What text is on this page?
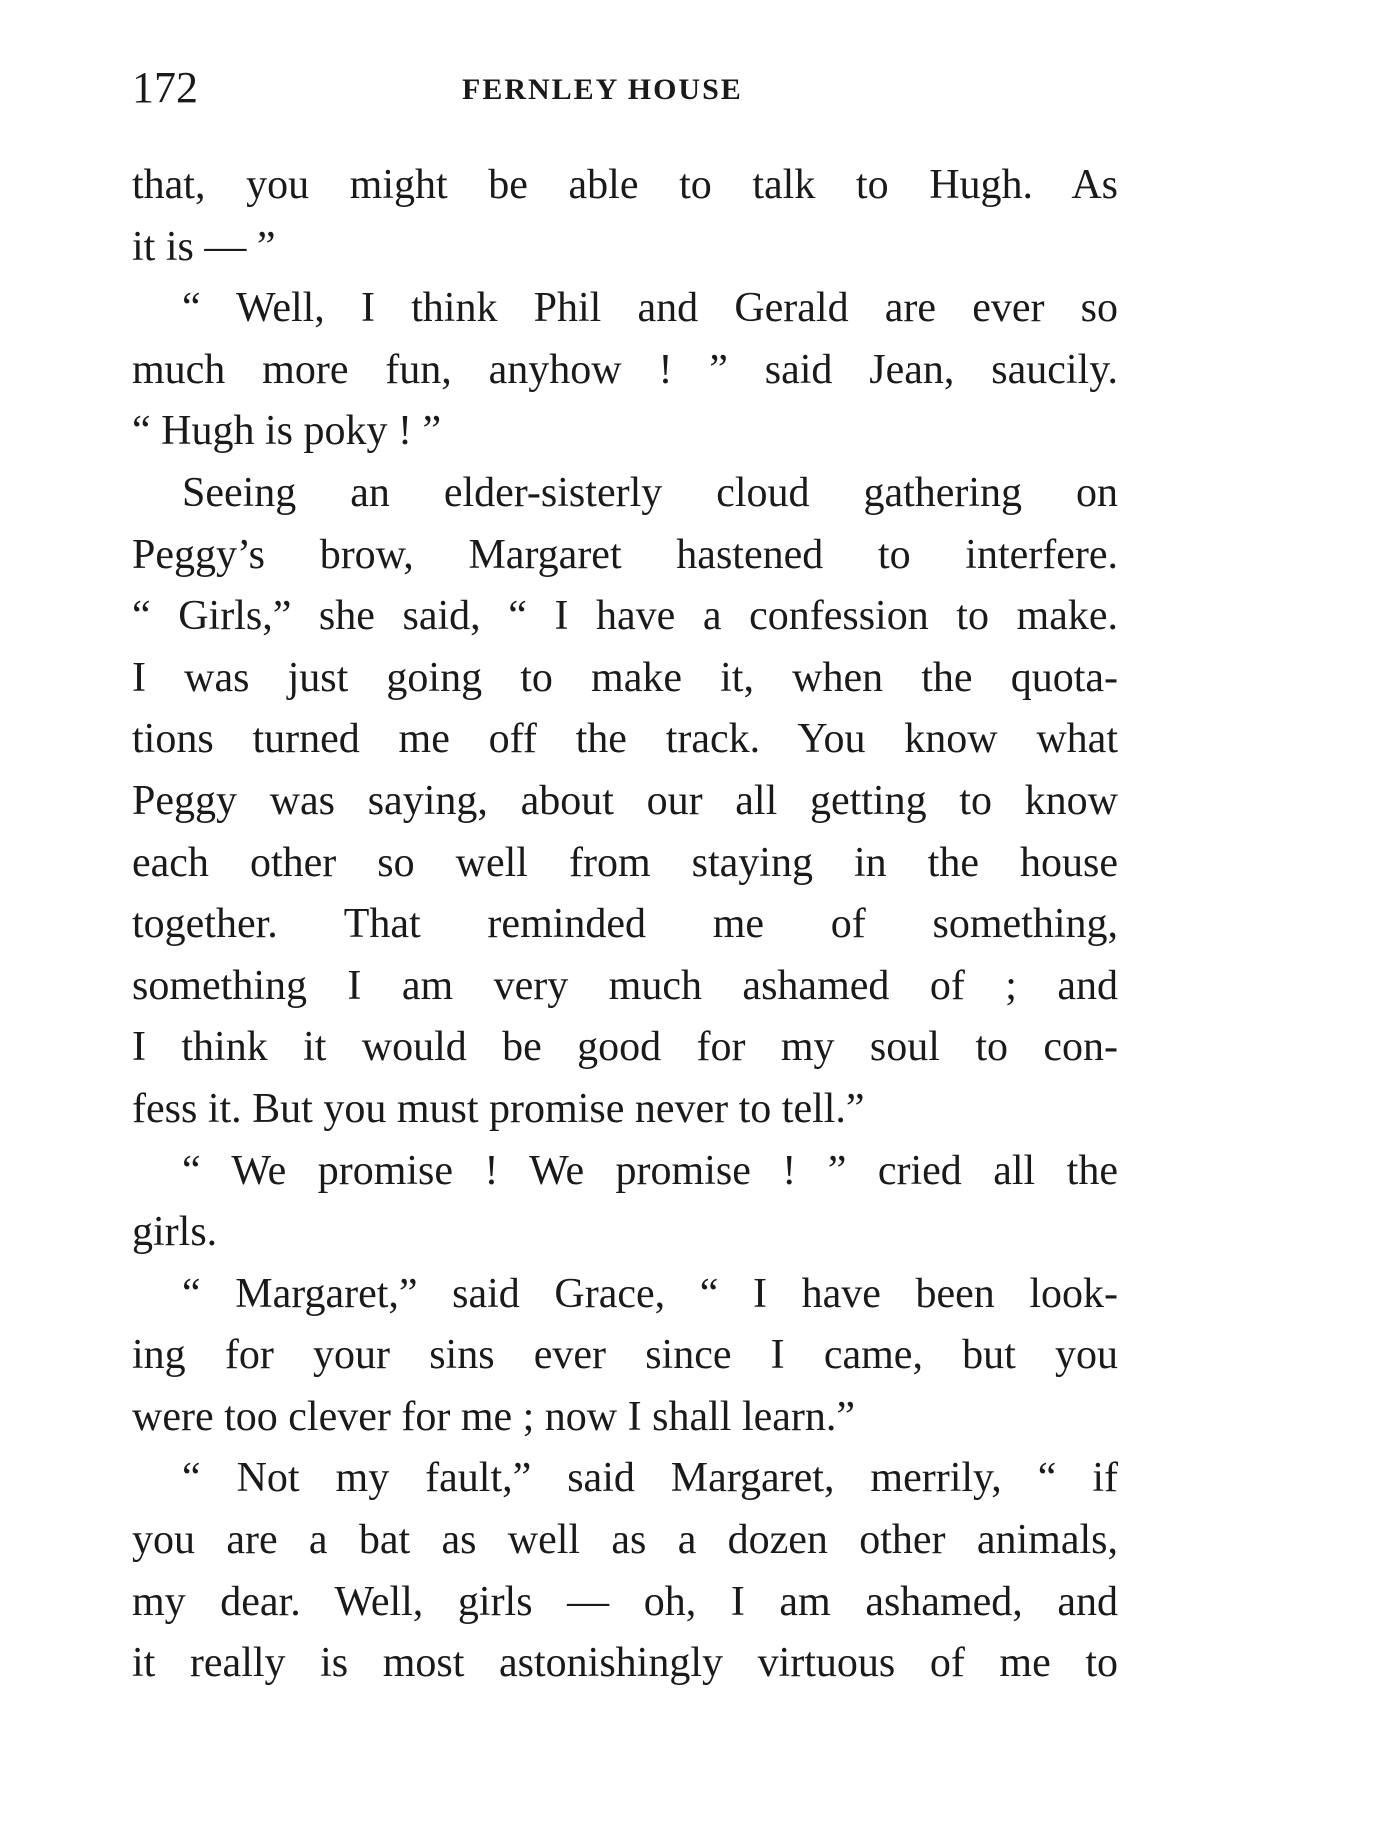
172	FERNLEY HOUSE
that, you might be able to talk to Hugh. As
it is — ”
“ Well, I think Phil and Gerald are ever so
much more fun, anyhow ! ” said Jean, saucily.
“ Hugh is poky ! ”
Seeing an elder-sisterly cloud gathering on
Peggy’s brow, Margaret hastened to interfere.
“ Girls,” she said, “ I have a confession to make.
I was just going to make it, when the quota-
tions turned me off the track. You know what
Peggy was saying, about our all getting to know
each other so well from staying in the house
together. That reminded me of something,
something I am very much ashamed of ; and
I think it would be good for my soul to con-
fess it. But you must promise never to tell.”
“ We promise ! We promise ! ” cried all the
girls.
“ Margaret,” said Grace, “ I have been look-
ing for your sins ever since I came, but you
were too clever for me ; now I shall learn.”
“ Not my fault,” said Margaret, merrily, “ if
you are a bat as well as a dozen other animals,
my dear. Well, girls — oh, I am ashamed, and
it really is most astonishingly virtuous of me to
